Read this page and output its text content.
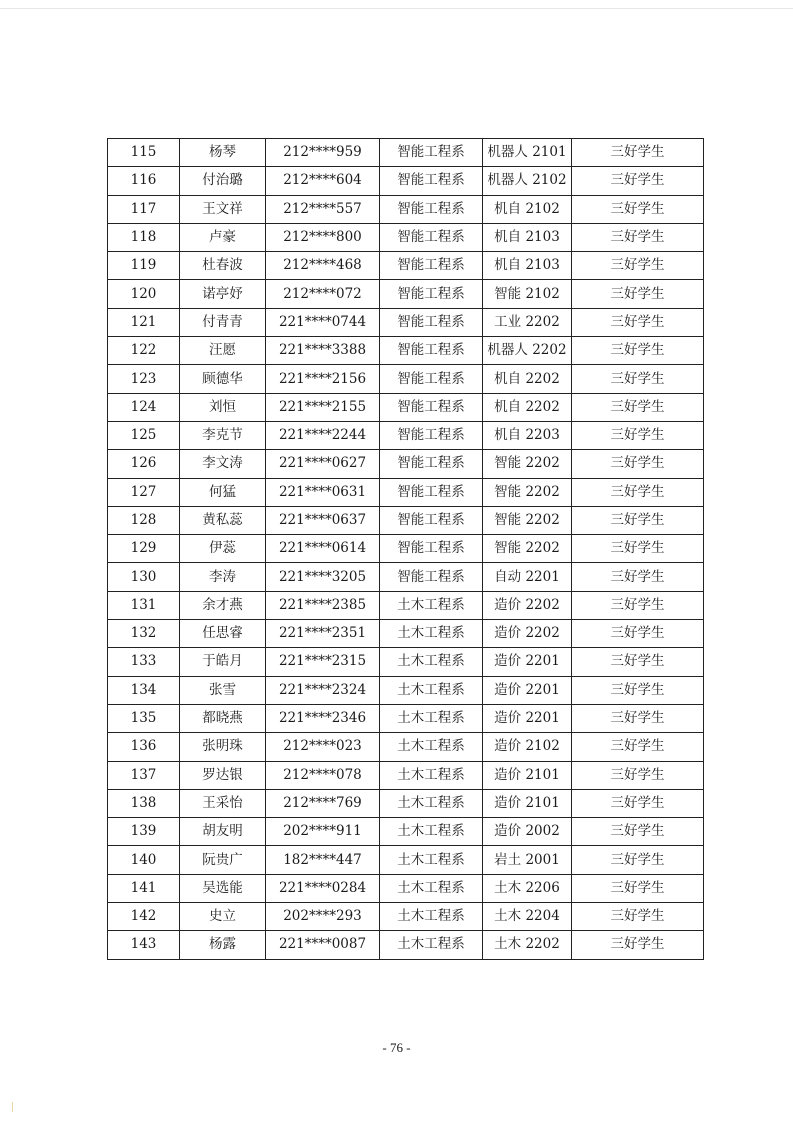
115	杨琴	212****959	智能工程系	机器人 2101	三好学生
116	付治璐	212****604	智能工程系	机器人 2102	三好学生
117	王文祥	212****557	智能工程系	机自 2102	三好学生
118	卢豪	212****800	智能工程系	机自 2103	三好学生
119	杜春波	212****468	智能工程系	机自 2103	三好学生
120	诺亭妤	212****072	智能工程系	智能 2102	三好学生
121	付青青	221****0744	智能工程系	工业 2202	三好学生
122	汪愿	221****3388	智能工程系	机器人 2202	三好学生
123	顾德华	221****2156	智能工程系	机自 2202	三好学生
124	刘恒	221****2155	智能工程系	机自 2202	三好学生
125	李克节	221****2244	智能工程系	机自 2203	三好学生
126	李文涛	221****0627	智能工程系	智能 2202	三好学生
127	何猛	221****0631	智能工程系	智能 2202	三好学生
128	黄私蕊	221****0637	智能工程系	智能 2202	三好学生
129	伊蕊	221****0614	智能工程系	智能 2202	三好学生
130	李涛	221****3205	智能工程系	自动 2201	三好学生
131	余才燕	221****2385	土木工程系	造价 2202	三好学生
132	任思睿	221****2351	土木工程系	造价 2202	三好学生
133	于皓月	221****2315	土木工程系	造价 2201	三好学生
134	张雪	221****2324	土木工程系	造价 2201	三好学生
135	都晓燕	221****2346	土木工程系	造价 2201	三好学生
136	张明珠	212****023	土木工程系	造价 2102	三好学生
137	罗达银	212****078	土木工程系	造价 2101	三好学生
138	王采怡	212****769	土木工程系	造价 2101	三好学生
139	胡友明	202****911	土木工程系	造价 2002	三好学生
140	阮贵广	182****447	土木工程系	岩土 2001	三好学生
141	吴选能	221****0284	土木工程系	土木 2206	三好学生
142	史立	202****293	土木工程系	土木 2204	三好学生
143	杨露	221****0087	土木工程系	土木 2202	三好学生
- 76 -
